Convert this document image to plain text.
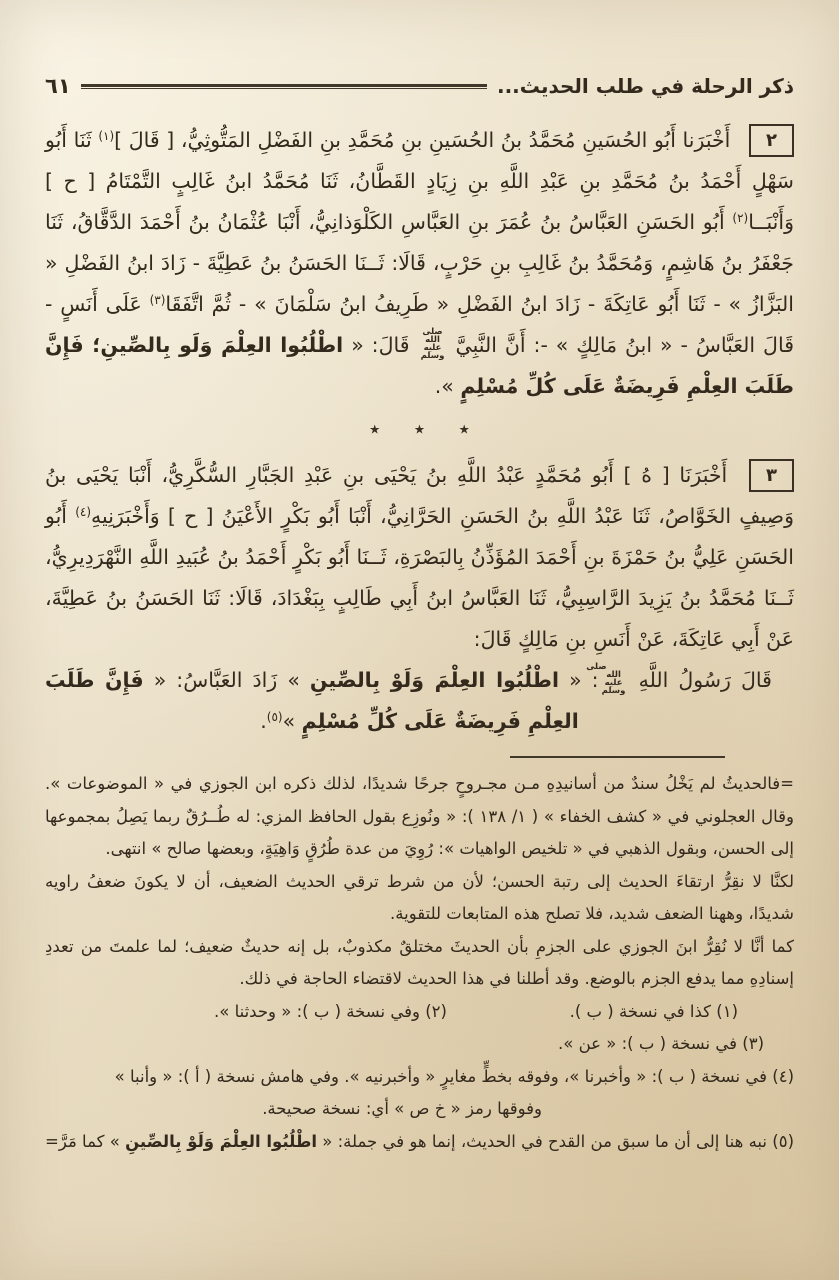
ذكر الرحلة في طلب الحديث...
٦١

٢ أَخْبَرَنا أَبُو الحُسَينِ مُحَمَّدُ بنُ الحُسَينِ بنِ مُحَمَّدِ بنِ الفَضْلِ المَتُّوثِيُّ، [ قَالَ ]$^{(١)}$ ثَنَا أَبُو سَهْلٍ أَحْمَدُ بنُ مُحَمَّدِ بنِ عَبْدِ اللَّهِ بنِ زِيَادٍ القَطَّانُ، ثَنَا مُحَمَّدُ ابنُ غَالِبٍ التَّمْتَامُ [ ح ] وَأَنْبَــا$^{(٢)}$ أَبُو الحَسَنِ العَبَّاسُ بنُ عُمَرَ بنِ العَبَّاسِ الكَلْوَذانِيُّ، أَنْبَا عُثْمَانُ بنُ أَحْمَدَ الدَّقَّاقُ، ثَنَا جَعْفَرُ بنُ هَاشِمٍ، وَمُحَمَّدُ بنُ غَالِبِ بنِ حَرْبٍ، قَالَا: ثَــنَا الحَسَنُ بنُ عَطِيَّةَ - زَادَ ابنُ الفَضْلِ « البَزَّازُ » - ثَنَا أَبُو عَاتِكَةَ - زَادَ ابنُ الفَضْلِ « طَرِيفُ ابنُ سَلْمَانَ » - ثُمَّ اتَّفَقَا$^{(٣)}$ عَلَى أَنَسٍ - قَالَ العَبَّاسُ - « ابنُ مَالِكٍ » -: أَنَّ النَّبِيَّ صلى الله عليه وسلم قَالَ: « اطْلُبُوا العِلْمَ وَلَو بِالصِّينِ؛ فَإِنَّ طَلَبَ العِلْمِ فَرِيضَةٌ عَلَى كُلِّ مُسْلِمٍ ».

٭ ٭ ٭

٣ أَخْبَرَنَا [ هُ ] أَبُو مُحَمَّدٍ عَبْدُ اللَّهِ بنُ يَحْيَى بنِ عَبْدِ الجَبَّارِ السُّكَّرِيُّ، أَنْبَا يَحْيَى بنُ وَصِيفٍ الخَوَّاصُ، ثَنَا عَبْدُ اللَّهِ بنُ الحَسَنِ الحَرَّانِيُّ، أَنْبَا أَبُو بَكْرٍ الأَعْيَنُ [ ح ] وَأَخْبَرَنِيهِ$^{(٤)}$ أَبُو الحَسَنِ عَلِيُّ بنُ حَمْزَةَ بنِ أَحْمَدَ المُؤَذِّنُ بِالبَصْرَةِ، ثَــنَا أَبُو بَكْرٍ أَحْمَدُ بنُ عُبَيدِ اللَّهِ النَّهْرَدِيرِيُّ، ثَــنَا مُحَمَّدُ بنُ يَزِيدَ الرَّاسِبِيُّ، ثَنَا العَبَّاسُ ابنُ أَبِي طَالِبٍ بِبَغْدَادَ، قَالَا: ثَنَا الحَسَنُ بنُ عَطِيَّةَ، عَنْ أَبِي عَاتِكَةَ، عَنْ أَنَسِ بنِ مَالِكٍ قَالَ:

قَالَ رَسُولُ اللَّهِ صلى الله عليه وسلم: « اطْلُبُوا العِلْمَ وَلَوْ بِالصِّينِ » زَادَ العَبَّاسُ: « فَإِنَّ طَلَبَ العِلْمِ فَرِيضَةٌ عَلَى كُلِّ مُسْلِمٍ »$^{(٥)}$.

=فالحديثُ لم يَخْلُ سندٌ من أسانيدِهِ مـن مجـروحٍ جرحًا شديدًا، لذلك ذكره ابن الجوزي في « الموضوعات ». وقال العجلوني في « كشف الخفاء » ( ١/ ١٣٨ ): « ونُوزِع بقول الحافظ المزي: له طُــرُقٌ ربما يَصِلُ بمجموعها إلى الحسن، وبقول الذهبي في « تلخيص الواهيات »: رُوِيَ من عدة طُرُقٍ وَاهِيَةٍ، وبعضها صالح » انتهى.

لكنَّا لا نقِرُّ ارتقاءَ الحديث إلى رتبة الحسن؛ لأن من شرط ترقي الحديث الضعيف، أن لا يكونَ ضعفُ راويه شديدًا، وههنا الضعف شديد، فلا تصلح هذه المتابعات للتقوية.

كما أنَّا لا نُقِرُّ ابنَ الجوزي على الجزمِ بأن الحديثَ مختلقٌ مكذوبٌ، بل إنه حديثٌ ضعيف؛ لما علمتَ من تعددِ إسنادِهِ مما يدفع الجزم بالوضع. وقد أطلنا في هذا الحديث لاقتضاء الحاجة في ذلك.

(١) كذا في نسخة ( ب ).

(٢) وفي نسخة ( ب ): « وحدثنا ».

(٣) في نسخة ( ب ): « عن ».

(٤) في نسخة ( ب ): « وأخبرنا »، وفوقه بخطٍّ مغايرٍ « وأخبرنيه ». وفي هامش نسخة ( أ ): « وأنبا »

وفوقها رمز « خ ص » أي: نسخة صحيحة.

(٥) نبه هنا إلى أن ما سبق من القدح في الحديث، إنما هو في جملة: « اطْلُبُوا العِلْمَ وَلَوْ بِالصِّينِ » كما مَرَّ=
